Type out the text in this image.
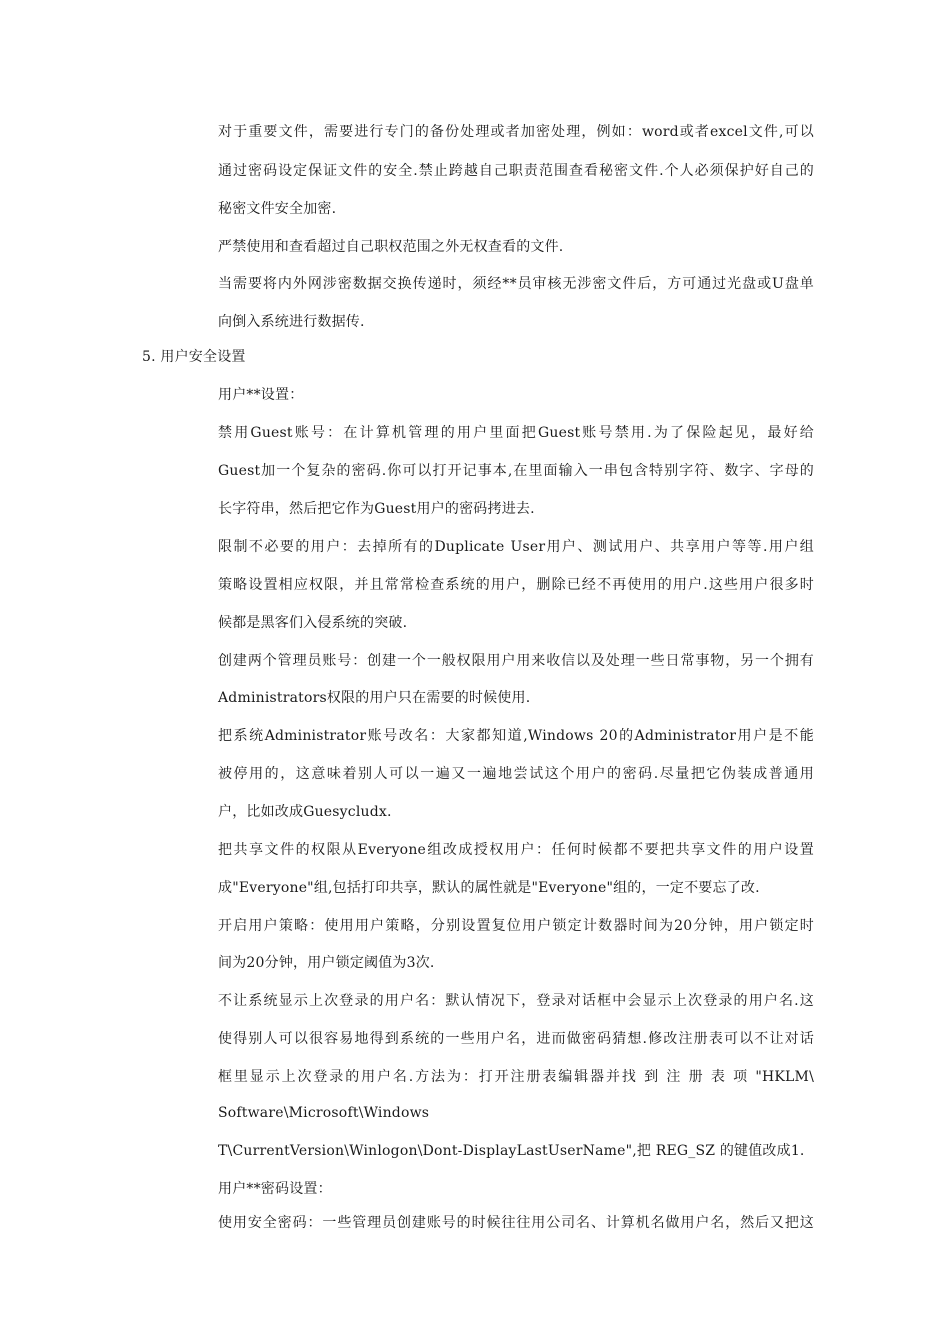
对于重要文件，需要进行专门的备份处理或者加密处理，例如：word或者excel文件,可以
通过密码设定保证文件的安全.禁止跨越自己职责范围查看秘密文件.个人必须保护好自己的
秘密文件安全加密.
严禁使用和查看超过自己职权范围之外无权查看的文件.
当需要将内外网涉密数据交换传递时，须经**员审核无涉密文件后，方可通过光盘或U盘单
向倒入系统进行数据传.
5. 用户安全设置
用户**设置：
禁用Guest账号：在计算机管理的用户里面把Guest账号禁用.为了保险起见，最好给
Guest加一个复杂的密码.你可以打开记事本,在里面输入一串包含特别字符、数字、字母的
长字符串，然后把它作为Guest用户的密码拷进去.
限制不必要的用户：去掉所有的Duplicate User用户、测试用户、共享用户等等.用户组
策略设置相应权限，并且常常检查系统的用户，删除已经不再使用的用户.这些用户很多时
候都是黑客们入侵系统的突破.
创建两个管理员账号：创建一个一般权限用户用来收信以及处理一些日常事物，另一个拥有
Administrators权限的用户只在需要的时候使用.
把系统Administrator账号改名：大家都知道,Windows 20的Administrator用户是不能
被停用的，这意味着别人可以一遍又一遍地尝试这个用户的密码.尽量把它伪装成普通用
户，比如改成Guesycludx.
把共享文件的权限从Everyone组改成授权用户：任何时候都不要把共享文件的用户设置
成"Everyone"组,包括打印共享，默认的属性就是"Everyone"组的，一定不要忘了改.
开启用户策略：使用用户策略，分别设置复位用户锁定计数器时间为20分钟，用户锁定时
间为20分钟，用户锁定阈值为3次.
不让系统显示上次登录的用户名：默认情况下，登录对话框中会显示上次登录的用户名.这
使得别人可以很容易地得到系统的一些用户名，进而做密码猜想.修改注册表可以不让对话
框里显示上次登录的用户名.方法为：打开注册表编辑器并找 到 注 册 表 项 "HKLM\
Software\Microsoft\Windows
T\CurrentVersion\Winlogon\Dont-DisplayLastUserName",把 REG_SZ 的键值改成1.
用户**密码设置：
使用安全密码：一些管理员创建账号的时候往往用公司名、计算机名做用户名，然后又把这
